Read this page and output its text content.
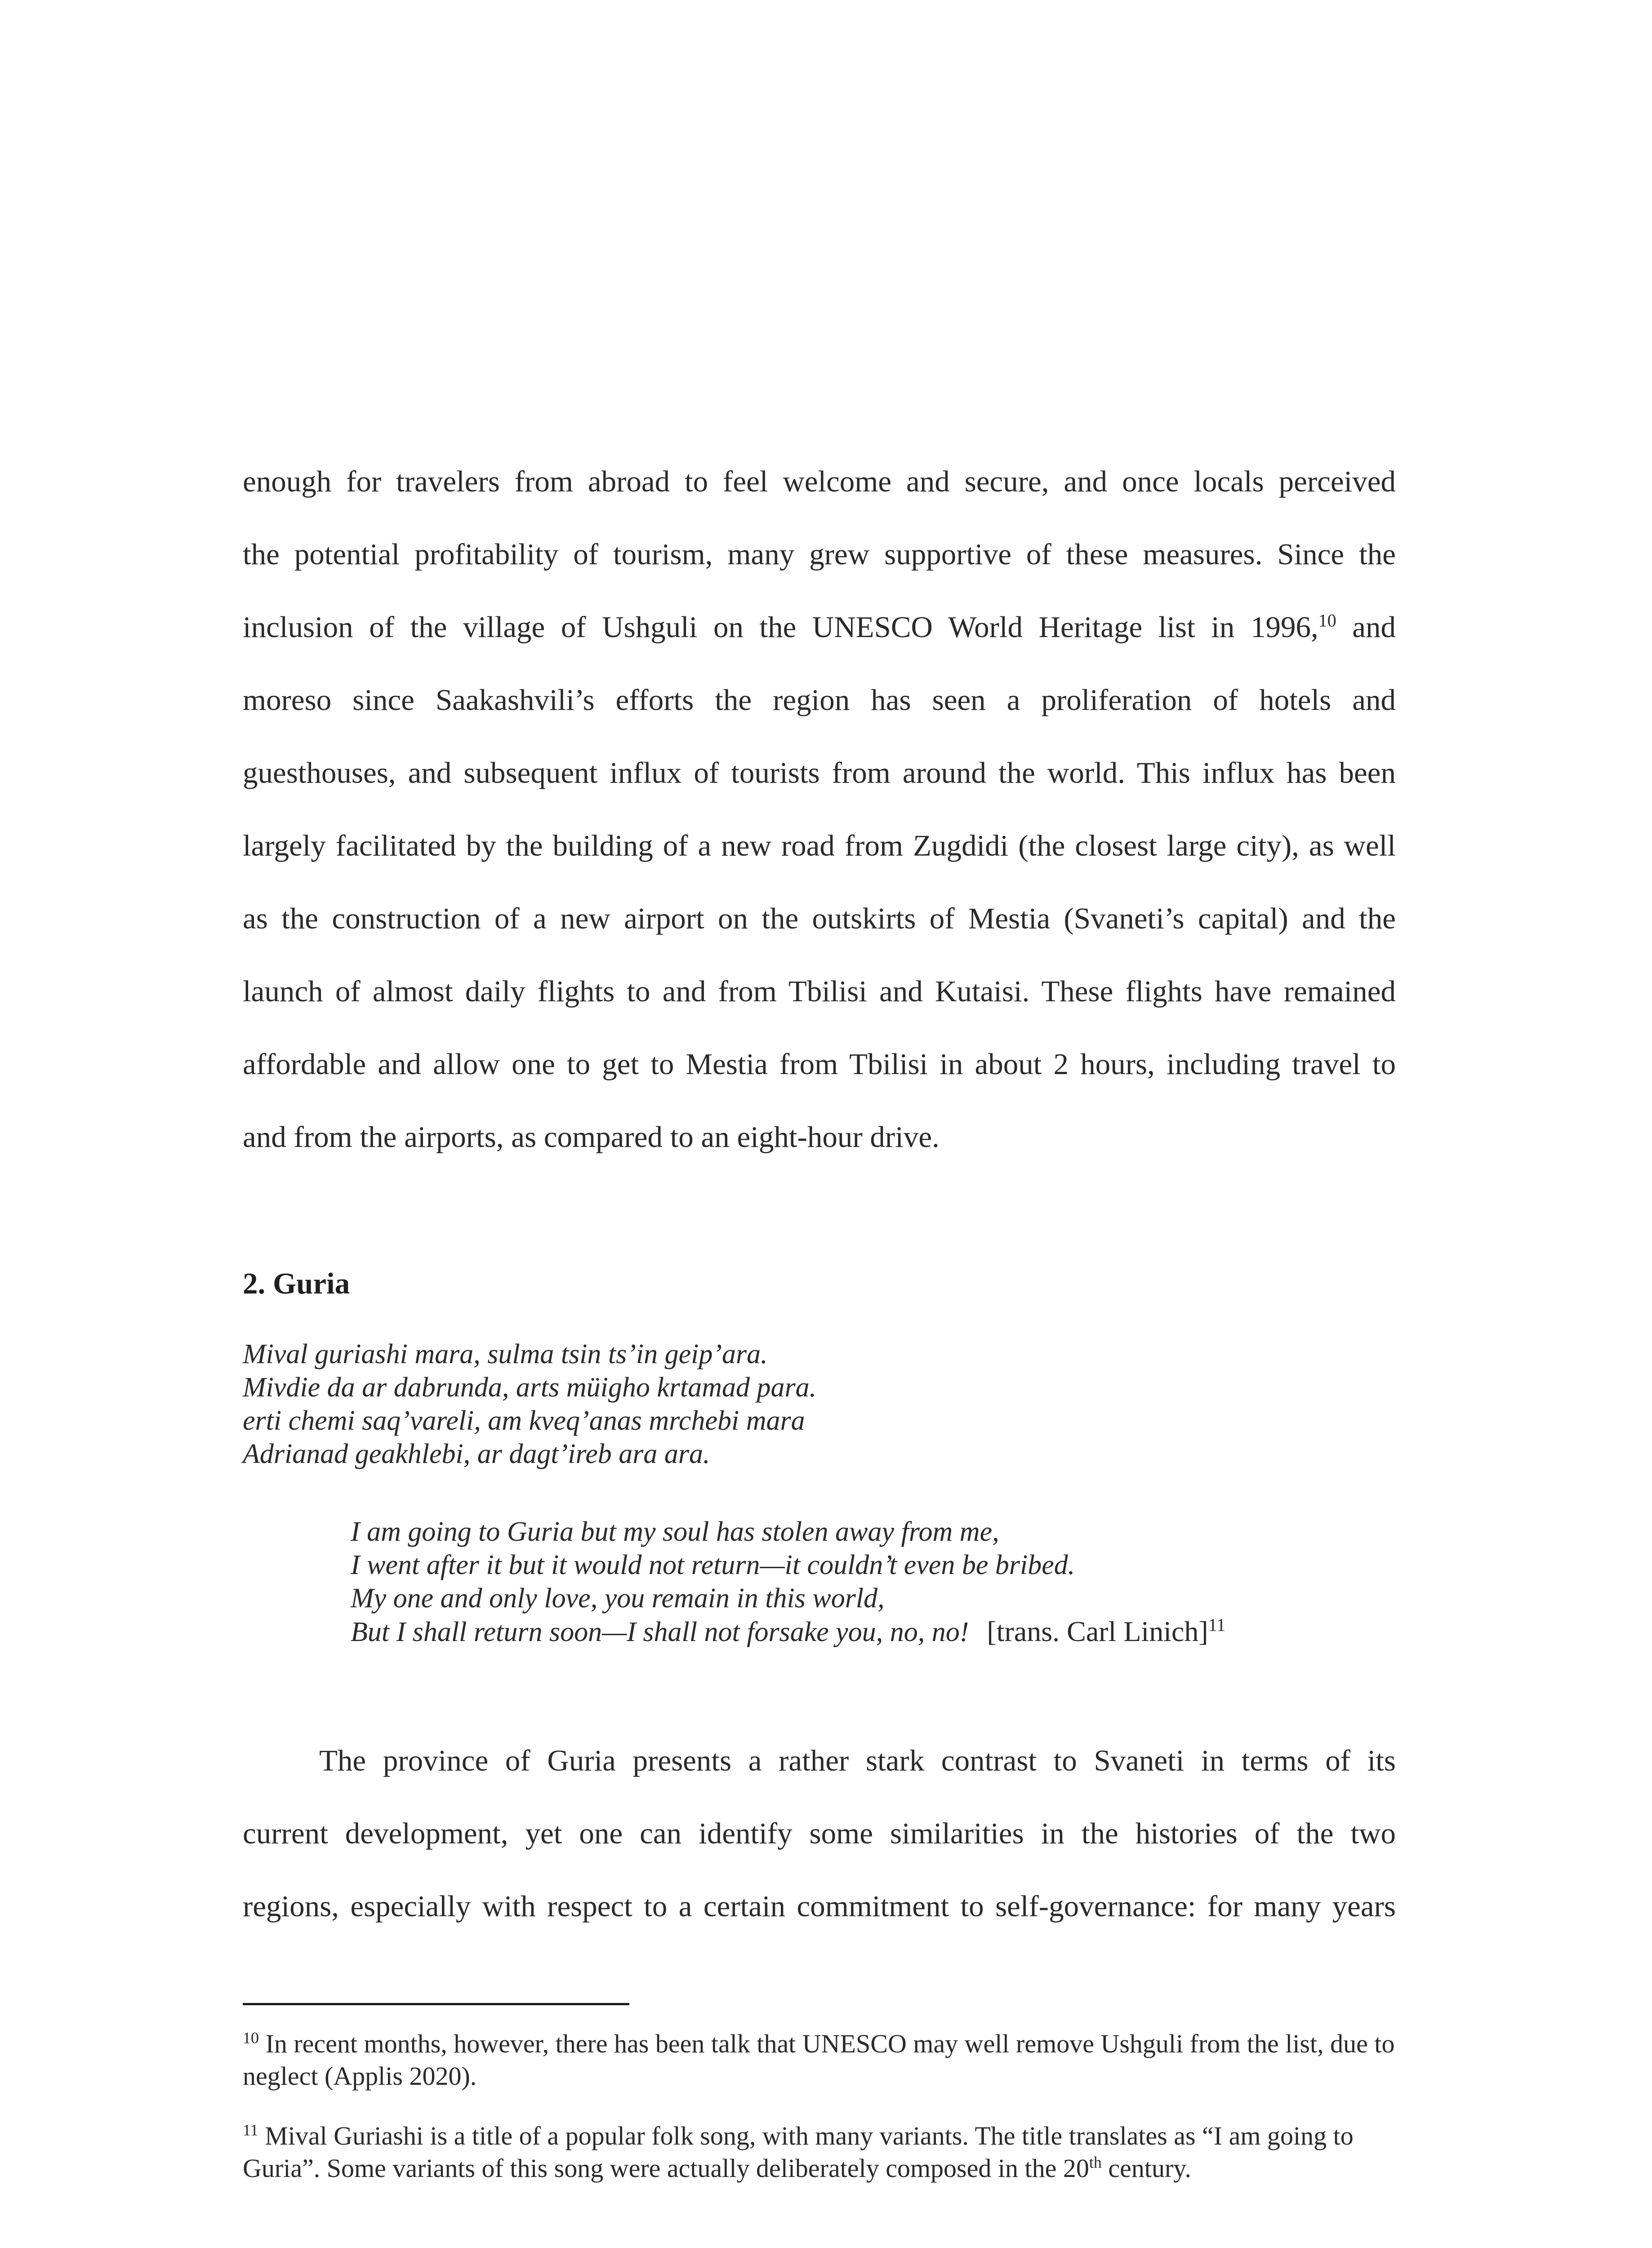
enough for travelers from abroad to feel welcome and secure, and once locals perceived

the potential profitability of tourism, many grew supportive of these measures. Since the

inclusion of the village of Ushguli on the UNESCO World Heritage list in 1996,10 and

moreso since Saakashvili’s efforts the region has seen a proliferation of hotels and

guesthouses, and subsequent influx of tourists from around the world. This influx has been

largely facilitated by the building of a new road from Zugdidi (the closest large city), as well

as the construction of a new airport on the outskirts of Mestia (Svaneti’s capital) and the

launch of almost daily flights to and from Tbilisi and Kutaisi. These flights have remained

affordable and allow one to get to Mestia from Tbilisi in about 2 hours, including travel to

and from the airports, as compared to an eight-hour drive.

2. Guria
Mival guriashi mara, sulma tsin ts’in geip’ara.
Mivdie da ar dabrunda, arts müigho krtamad para.
erti chemi saq’vareli, am kveq’anas mrchebi mara
Adrianad geakhlebi, ar dagt’ireb ara ara.
I am going to Guria but my soul has stolen away from me,
I went after it but it would not return—it couldn’t even be bribed.
My one and only love, you remain in this world,
But I shall return soon—I shall not forsake you, no, no! [trans. Carl Linich]$^{11}$

The province of Guria presents a rather stark contrast to Svaneti in terms of its

current development, yet one can identify some similarities in the histories of the two

regions, especially with respect to a certain commitment to self-governance: for many years

$^{10}$ In recent months, however, there has been talk that UNESCO may well remove Ushguli from the list, due to neglect (Applis 2020).

$^{11}$ Mival Guriashi is a title of a popular folk song, with many variants. The title translates as “I am going to Guria”. Some variants of this song were actually deliberately composed in the 20th century.
